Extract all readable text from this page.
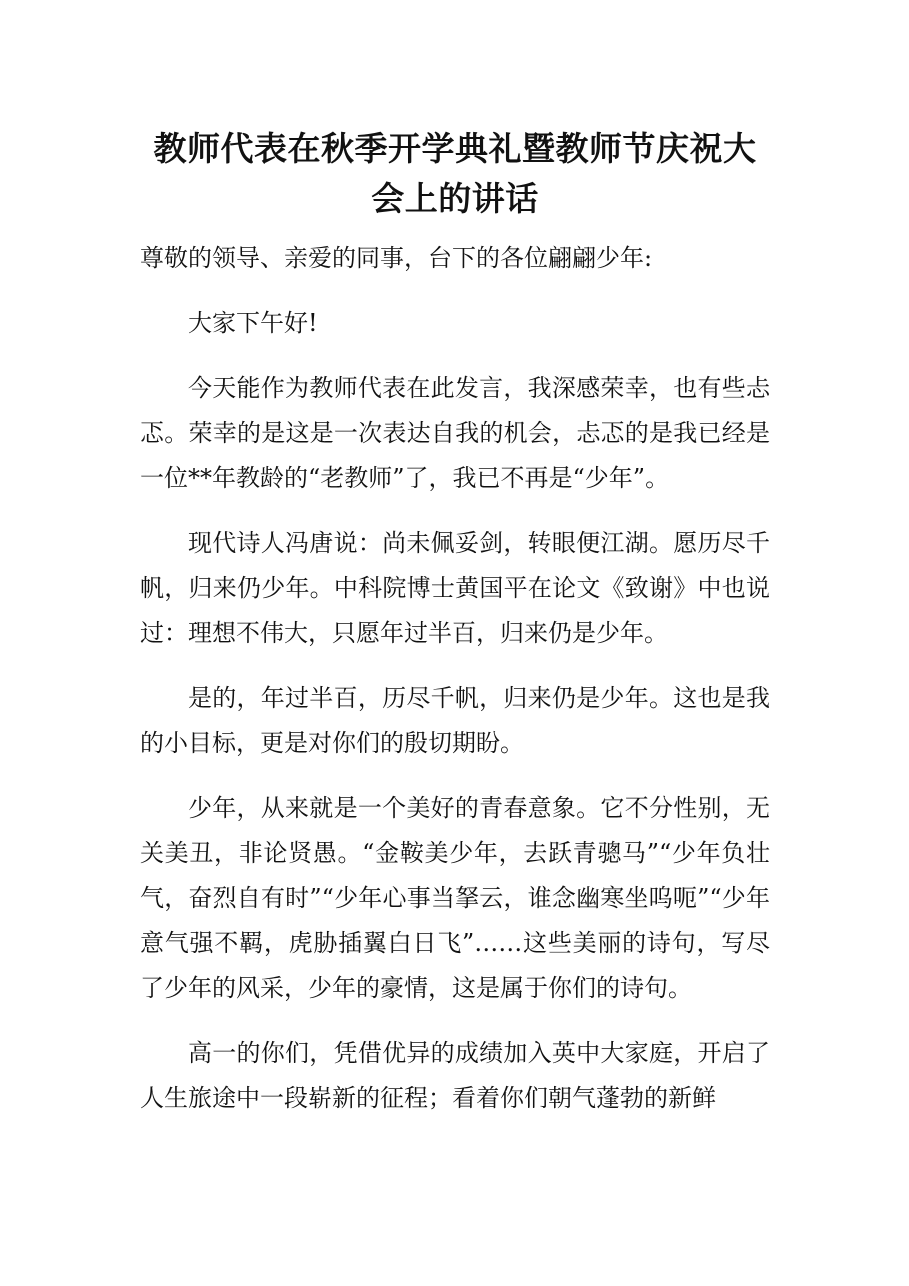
教师代表在秋季开学典礼暨教师节庆祝大会上的讲话

尊敬的领导、亲爱的同事，台下的各位翩翩少年:

大家下午好!

今天能作为教师代表在此发言，我深感荣幸，也有些忐忑。荣幸的是这是一次表达自我的机会，忐忑的是我已经是一位**年教龄的“老教师”了，我已不再是“少年”。

现代诗人冯唐说：尚未佩妥剑，转眼便江湖。愿历尽千帆，归来仍少年。中科院博士黄国平在论文《致谢》中也说过：理想不伟大，只愿年过半百，归来仍是少年。

是的，年过半百，历尽千帆，归来仍是少年。这也是我的小目标，更是对你们的殷切期盼。

少年，从来就是一个美好的青春意象。它不分性别，无关美丑，非论贤愚。“金鞍美少年，去跃青骢马”“少年负壮气，奋烈自有时”“少年心事当拏云，谁念幽寒坐呜呃”“少年意气强不羁，虎胁插翼白日飞”……这些美丽的诗句，写尽了少年的风采，少年的豪情，这是属于你们的诗句。

高一的你们，凭借优异的成绩加入英中大家庭，开启了人生旅途中一段崭新的征程；看着你们朝气蓬勃的新鲜
